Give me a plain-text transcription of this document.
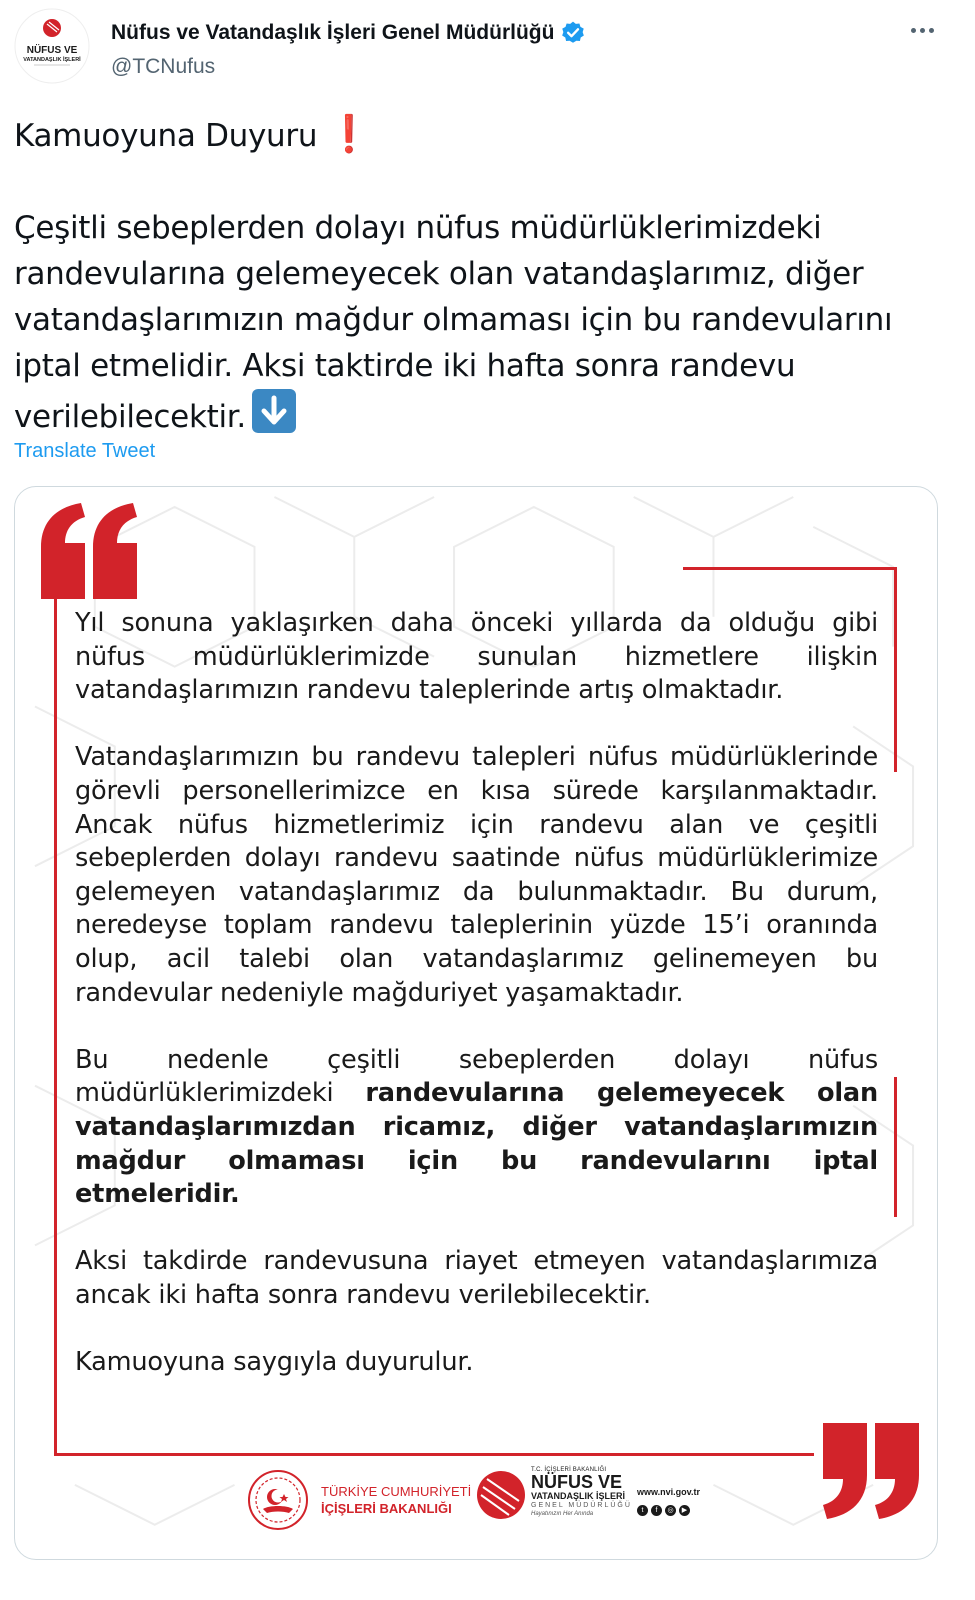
NÜFUS VE
VATANDAŞLIK İŞLERİ
Nüfus ve Vatandaşlık İşleri Genel Müdürlüğü
@TCNufus

Kamuoyuna Duyuru ❗

Çeşitli sebeplerden dolayı nüfus müdürlüklerimizdeki randevularına gelemeyecek olan vatandaşlarımız, diğer vatandaşlarımızın mağdur olmaması için bu randevularını iptal etmelidir. Aksi taktirde iki hafta sonra randevu verilebilecektir.

Translate Tweet

Yıl sonuna yaklaşırken daha önceki yıllarda da olduğu gibi nüfus müdürlüklerimizde sunulan hizmetlere ilişkin vatandaşlarımızın randevu taleplerinde artış olmaktadır.

Vatandaşlarımızın bu randevu talepleri nüfus müdürlüklerinde görevli personellerimizce en kısa sürede karşılanmaktadır. Ancak nüfus hizmetlerimiz için randevu alan ve çeşitli sebeplerden dolayı randevu saatinde nüfus müdürlüklerimize gelemeyen vatandaşlarımız da bulunmaktadır. Bu durum, neredeyse toplam randevu taleplerinin yüzde 15’i oranında olup, acil talebi olan vatandaşlarımız gelinemeyen bu randevular nedeniyle mağduriyet yaşamaktadır.

Bu nedenle çeşitli sebeplerden dolayı nüfus müdürlüklerimizdeki randevularına gelemeyecek olan vatandaşlarımızdan ricamız, diğer vatandaşlarımızın mağdur olmaması için bu randevularını iptal etmeleridir.

Aksi takdirde randevusuna riayet etmeyen vatandaşlarımıza ancak iki hafta sonra randevu verilebilecektir.

Kamuoyuna saygıyla duyurulur.

TÜRKİYE CUMHURİYETİ
İÇİŞLERİ BAKANLIĞI
T.C. İÇİŞLERİ BAKANLIĞI
NÜFUS VE
VATANDAŞLIK İŞLERİ
GENEL MÜDÜRLÜĞÜ
Hayatınızın Her Anında
www.nvi.gov.tr
t	f	◎	▶
